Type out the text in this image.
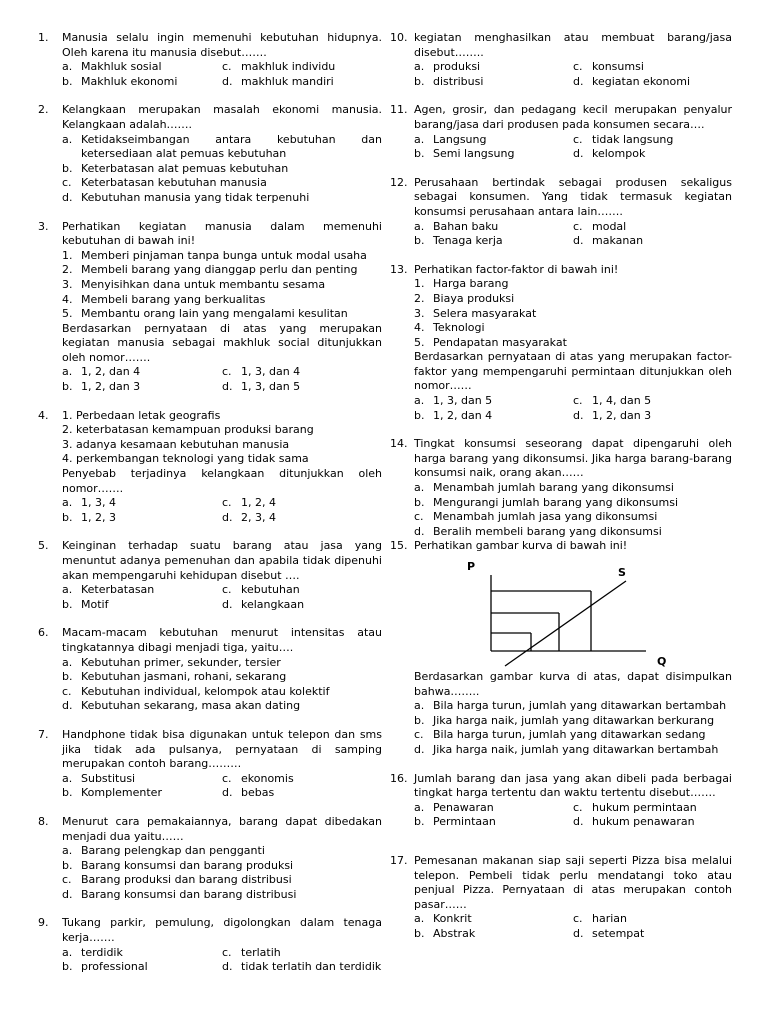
1. Manusia selalu ingin memenuhi kebutuhan hidupnya. Oleh karena itu manusia disebut…….

a. Makhluk sosial	c. makhluk individu
b. Makhluk ekonomi	d. makhluk mandiri
2. Kelangkaan merupakan masalah ekonomi manusia. Kelangkaan adalah…….

a. Ketidakseimbangan antara kebutuhan dan ketersediaan alat pemuas kebutuhan
b. Keterbatasan alat pemuas kebutuhan
c. Keterbatasan kebutuhan manusia
d. Kebutuhan manusia yang tidak terpenuhi
3. Perhatikan kegiatan manusia dalam memenuhi kebutuhan di bawah ini!

1. Memberi pinjaman tanpa bunga untuk modal usaha
2. Membeli barang yang dianggap perlu dan penting
3. Menyisihkan dana untuk membantu sesama
4. Membeli barang yang berkualitas
5. Membantu orang lain yang mengalami kesulitan

Berdasarkan pernyataan di atas yang merupakan kegiatan manusia sebagai makhluk social ditunjukkan oleh nomor…….

a. 1, 2, dan 4	c. 1, 3, dan 4
b. 1, 2, dan 3	d. 1, 3, dan 5
4. 1. Perbedaan letak geografis
2. keterbatasan kemampuan produksi barang
3. adanya kesamaan kebutuhan manusia
4. perkembangan teknologi yang tidak sama

Penyebab terjadinya kelangkaan ditunjukkan oleh nomor…….

a. 1, 3, 4	c. 1, 2, 4
b. 1, 2, 3	d. 2, 3, 4
5. Keinginan terhadap suatu barang atau jasa yang menuntut adanya pemenuhan dan apabila tidak dipenuhi akan mempengaruhi kehidupan disebut ….

a. Keterbatasan	c. kebutuhan
b. Motif	d. kelangkaan
6. Macam-macam kebutuhan menurut intensitas atau tingkatannya dibagi menjadi tiga, yaitu….

a. Kebutuhan primer, sekunder, tersier
b. Kebutuhan jasmani, rohani, sekarang
c. Kebutuhan individual, kelompok atau kolektif
d. Kebutuhan sekarang, masa akan dating
7. Handphone tidak bisa digunakan untuk telepon dan sms jika tidak ada pulsanya, pernyataan di samping merupakan contoh barang………

a. Substitusi	c. ekonomis
b. Komplementer	d. bebas
8. Menurut cara pemakaiannya, barang dapat dibedakan menjadi dua yaitu……

a. Barang pelengkap dan pengganti
b. Barang konsumsi dan barang produksi
c. Barang produksi dan barang distribusi
d. Barang konsumsi dan barang distribusi
9. Tukang parkir, pemulung, digolongkan dalam tenaga kerja…….

a. terdidik	c. terlatih
b. professional	d. tidak terlatih dan terdidik
10. kegiatan menghasilkan atau membuat barang/jasa disebut……..

a. produksi	c. konsumsi
b. distribusi	d. kegiatan ekonomi
11. Agen, grosir, dan pedagang kecil merupakan penyalur barang/jasa dari produsen pada konsumen secara….

a. Langsung	c. tidak langsung
b. Semi langsung	d. kelompok
12. Perusahaan bertindak sebagai produsen sekaligus sebagai konsumen. Yang tidak termasuk kegiatan konsumsi perusahaan antara lain…….

a. Bahan baku	c. modal
b. Tenaga kerja	d. makanan
13. Perhatikan factor-faktor di bawah ini!

1. Harga barang
2. Biaya produksi
3. Selera masyarakat
4. Teknologi
5. Pendapatan masyarakat

Berdasarkan pernyataan di atas yang merupakan factor-faktor yang mempengaruhi permintaan ditunjukkan oleh nomor……

a. 1, 3, dan 5	c. 1, 4, dan 5
b. 1, 2, dan 4	d. 1, 2, dan 3
14. Tingkat konsumsi seseorang dapat dipengaruhi oleh harga barang yang dikonsumsi. Jika harga barang-barang konsumsi naik, orang akan……

a. Menambah jumlah barang yang dikonsumsi
b. Mengurangi jumlah barang yang dikonsumsi
c. Menambah jumlah jasa yang dikonsumsi
d. Beralih membeli barang yang dikonsumsi
15. Perhatikan gambar kurva di bawah ini!

P	S
Q

Berdasarkan gambar kurva di atas, dapat disimpulkan bahwa……..

a. Bila harga turun, jumlah yang ditawarkan bertambah
b. Jika harga naik, jumlah yang ditawarkan berkurang
c. Bila harga turun, jumlah yang ditawarkan sedang
d. Jika harga naik, jumlah yang ditawarkan bertambah
16. Jumlah barang dan jasa yang akan dibeli pada berbagai tingkat harga tertentu dan waktu tertentu disebut…….

a. Penawaran	c. hukum permintaan
b. Permintaan	d. hukum penawaran
17. Pemesanan makanan siap saji seperti Pizza bisa melalui telepon. Pembeli tidak perlu mendatangi toko atau penjual Pizza. Pernyataan di atas merupakan contoh pasar……

a. Konkrit	c. harian
b. Abstrak	d. setempat
